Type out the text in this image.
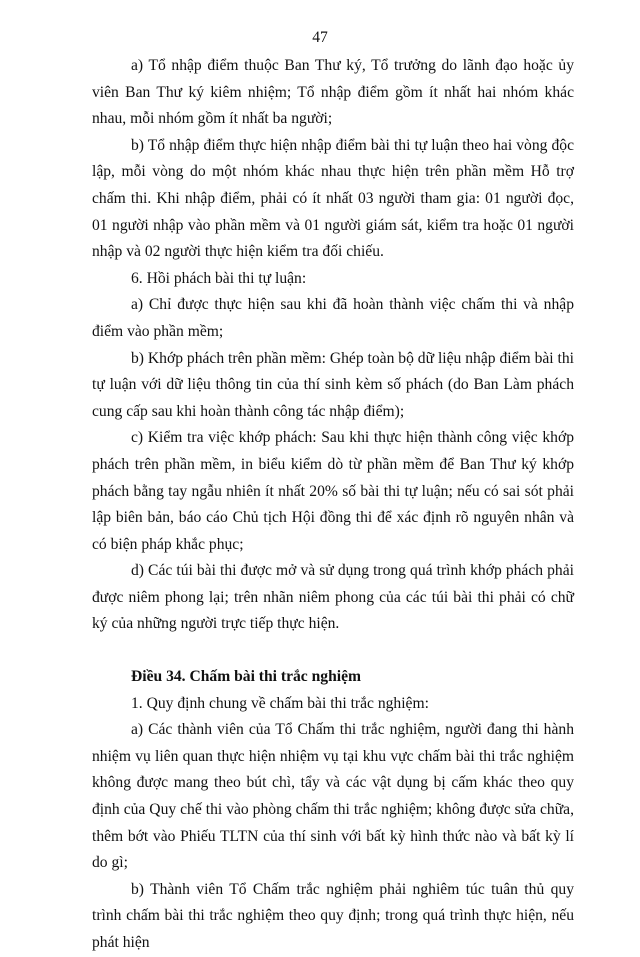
47

a) Tổ nhập điểm thuộc Ban Thư ký, Tổ trưởng do lãnh đạo hoặc ủy viên Ban Thư ký kiêm nhiệm; Tổ nhập điểm gồm ít nhất hai nhóm khác nhau, mỗi nhóm gồm ít nhất ba người;

b) Tổ nhập điểm thực hiện nhập điểm bài thi tự luận theo hai vòng độc lập, mỗi vòng do một nhóm khác nhau thực hiện trên phần mềm Hỗ trợ chấm thi. Khi nhập điểm, phải có ít nhất 03 người tham gia: 01 người đọc, 01 người nhập vào phần mềm và 01 người giám sát, kiểm tra hoặc 01 người nhập và 02 người thực hiện kiểm tra đối chiếu.

6. Hồi phách bài thi tự luận:

a) Chỉ được thực hiện sau khi đã hoàn thành việc chấm thi và nhập điểm vào phần mềm;

b) Khớp phách trên phần mềm: Ghép toàn bộ dữ liệu nhập điểm bài thi tự luận với dữ liệu thông tin của thí sinh kèm số phách (do Ban Làm phách cung cấp sau khi hoàn thành công tác nhập điểm);

c) Kiểm tra việc khớp phách: Sau khi thực hiện thành công việc khớp phách trên phần mềm, in biểu kiểm dò từ phần mềm để Ban Thư ký khớp phách bằng tay ngẫu nhiên ít nhất 20% số bài thi tự luận; nếu có sai sót phải lập biên bản, báo cáo Chủ tịch Hội đồng thi để xác định rõ nguyên nhân và có biện pháp khắc phục;

d) Các túi bài thi được mở và sử dụng trong quá trình khớp phách phải được niêm phong lại; trên nhãn niêm phong của các túi bài thi phải có chữ ký của những người trực tiếp thực hiện.

Điều 34. Chấm bài thi trắc nghiệm

1. Quy định chung về chấm bài thi trắc nghiệm:

a) Các thành viên của Tổ Chấm thi trắc nghiệm, người đang thi hành nhiệm vụ liên quan thực hiện nhiệm vụ tại khu vực chấm bài thi trắc nghiệm không được mang theo bút chì, tẩy và các vật dụng bị cấm khác theo quy định của Quy chế thi vào phòng chấm thi trắc nghiệm; không được sửa chữa, thêm bớt vào Phiếu TLTN của thí sinh với bất kỳ hình thức nào và bất kỳ lí do gì;

b) Thành viên Tổ Chấm trắc nghiệm phải nghiêm túc tuân thủ quy trình chấm bài thi trắc nghiệm theo quy định; trong quá trình thực hiện, nếu phát hiện
